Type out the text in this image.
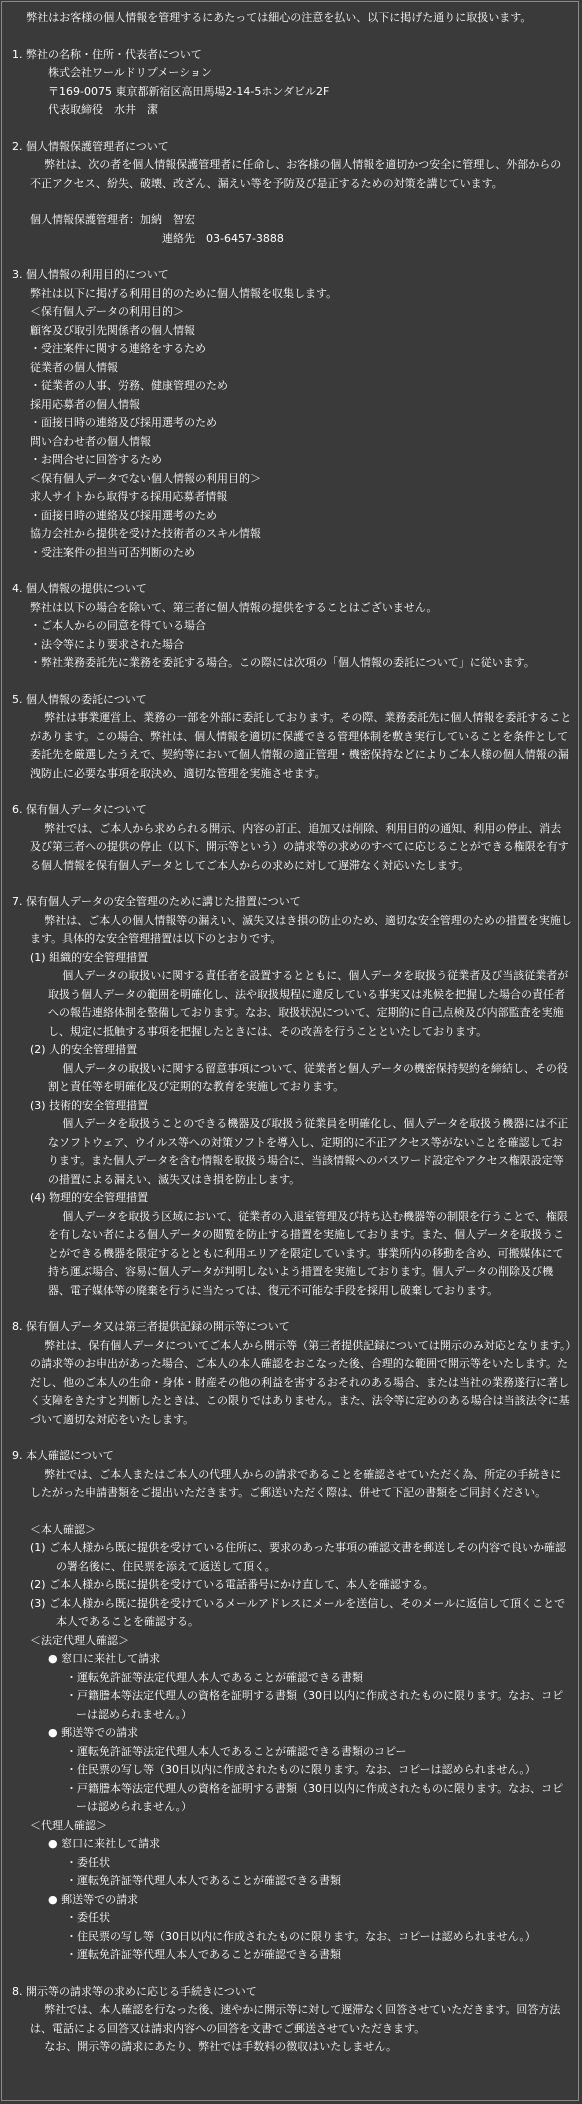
弊社はお客様の個人情報を管理するにあたっては細心の注意を払い、以下に掲げた通りに取扱います。

1. 弊社の名称・住所・代表者について

株式会社ワールドリプメーション

〒169-0075 東京都新宿区高田馬場2-14-5ホンダビル2F

代表取締役　水井　潔

2. 個人情報保護管理者について

弊社は、次の者を個人情報保護管理者に任命し、お客様の個人情報を適切かつ安全に管理し、外部からの不正アクセス、紛失、破壊、改ざん、漏えい等を予防及び是正するための対策を講じています。

個人情報保護管理者：加納　智宏

連絡先　03-6457-3888

3. 個人情報の利用目的について

弊社は以下に掲げる利用目的のために個人情報を収集します。

＜保有個人データの利用目的＞

顧客及び取引先関係者の個人情報

・受注案件に関する連絡をするため

従業者の個人情報

・従業者の人事、労務、健康管理のため

採用応募者の個人情報

・面接日時の連絡及び採用選考のため

問い合わせ者の個人情報

・お問合せに回答するため

＜保有個人データでない個人情報の利用目的＞

求人サイトから取得する採用応募者情報

・面接日時の連絡及び採用選考のため

協力会社から提供を受けた技術者のスキル情報

・受注案件の担当可否判断のため

4. 個人情報の提供について

弊社は以下の場合を除いて、第三者に個人情報の提供をすることはございません。

・ご本人からの同意を得ている場合

・法令等により要求された場合

・弊社業務委託先に業務を委託する場合。この際には次項の「個人情報の委託について」に従います。

5. 個人情報の委託について

弊社は事業運営上、業務の一部を外部に委託しております。その際、業務委託先に個人情報を委託することがあります。この場合、弊社は、個人情報を適切に保護できる管理体制を敷き実行していることを条件として委託先を厳選したうえで、契約等において個人情報の適正管理・機密保持などによりご本人様の個人情報の漏洩防止に必要な事項を取決め、適切な管理を実施させます。

6. 保有個人データについて

弊社では、ご本人から求められる開示、内容の訂正、追加又は削除、利用目的の通知、利用の停止、消去及び第三者への提供の停止（以下、開示等という）の請求等の求めのすべてに応じることができる権限を有する個人情報を保有個人データとしてご本人からの求めに対して遅滞なく対応いたします。

7. 保有個人データの安全管理のために講じた措置について

弊社は、ご本人の個人情報等の漏えい、滅失又はき損の防止のため、適切な安全管理のための措置を実施します。具体的な安全管理措置は以下のとおりです。

(1) 組織的安全管理措置

個人データの取扱いに関する責任者を設置するとともに、個人データを取扱う従業者及び当該従業者が取扱う個人データの範囲を明確化し、法や取扱規程に違反している事実又は兆候を把握した場合の責任者への報告連絡体制を整備しております。なお、取扱状況について、定期的に自己点検及び内部監査を実施し、規定に抵触する事項を把握したときには、その改善を行うことといたしております。

(2) 人的安全管理措置

個人データの取扱いに関する留意事項について、従業者と個人データの機密保持契約を締結し、その役割と責任等を明確化及び定期的な教育を実施しております。

(3) 技術的安全管理措置

個人データを取扱うことのできる機器及び取扱う従業員を明確化し、個人データを取扱う機器には不正なソフトウェア、ウイルス等への対策ソフトを導入し、定期的に不正アクセス等がないことを確認しております。また個人データを含む情報を取扱う場合に、当該情報へのパスワード設定やアクセス権限設定等の措置による漏えい、滅失又はき損を防止します。

(4) 物理的安全管理措置

個人データを取扱う区域において、従業者の入退室管理及び持ち込む機器等の制限を行うことで、権限を有しない者による個人データの閲覧を防止する措置を実施しております。また、個人データを取扱うことができる機器を限定するとともに利用エリアを限定しています。事業所内の移動を含め、可搬媒体にて持ち運ぶ場合、容易に個人データが判明しないよう措置を実施しております。個人データの削除及び機器、電子媒体等の廃棄を行うに当たっては、復元不可能な手段を採用し破棄しております。

8. 保有個人データ又は第三者提供記録の開示等について

弊社は、保有個人データについてご本人から開示等（第三者提供記録については開示のみ対応となります。）の請求等のお申出があった場合、ご本人の本人確認をおこなった後、合理的な範囲で開示等をいたします。ただし、他のご本人の生命・身体・財産その他の利益を害するおそれのある場合、または当社の業務遂行に著しく支障をきたすと判断したときは、この限りではありません。また、法令等に定めのある場合は当該法令に基づいて適切な対応をいたします。

9. 本人確認について

弊社では、ご本人またはご本人の代理人からの請求であることを確認させていただく為、所定の手続きにしたがった申請書類をご提出いただきます。ご郵送いただく際は、併せて下記の書類をご同封ください。

＜本人確認＞

(1) ご本人様から既に提供を受けている住所に、要求のあった事項の確認文書を郵送しその内容で良いか確認の署名後に、住民票を添えて返送して頂く。

(2) ご本人様から既に提供を受けている電話番号にかけ直して、本人を確認する。

(3) ご本人様から既に提供を受けているメールアドレスにメールを送信し、そのメールに返信して頂くことで本人であることを確認する。

＜法定代理人確認＞

● 窓口に来社して請求

・運転免許証等法定代理人本人であることが確認できる書類

・戸籍謄本等法定代理人の資格を証明する書類（30日以内に作成されたものに限ります。なお、コピーは認められません。）

● 郵送等での請求

・運転免許証等法定代理人本人であることが確認できる書類のコピー

・住民票の写し等（30日以内に作成されたものに限ります。なお、コピーは認められません。）

・戸籍謄本等法定代理人の資格を証明する書類（30日以内に作成されたものに限ります。なお、コピーは認められません。）

＜代理人確認＞

● 窓口に来社して請求

・委任状

・運転免許証等代理人本人であることが確認できる書類

● 郵送等での請求

・委任状

・住民票の写し等（30日以内に作成されたものに限ります。なお、コピーは認められません。）

・運転免許証等代理人本人であることが確認できる書類

8. 開示等の請求等の求めに応じる手続きについて

弊社では、本人確認を行なった後、速やかに開示等に対して遅滞なく回答させていただきます。回答方法は、電話による回答又は請求内容への回答を文書でご郵送させていただきます。

なお、開示等の請求にあたり、弊社では手数料の徴収はいたしません。
